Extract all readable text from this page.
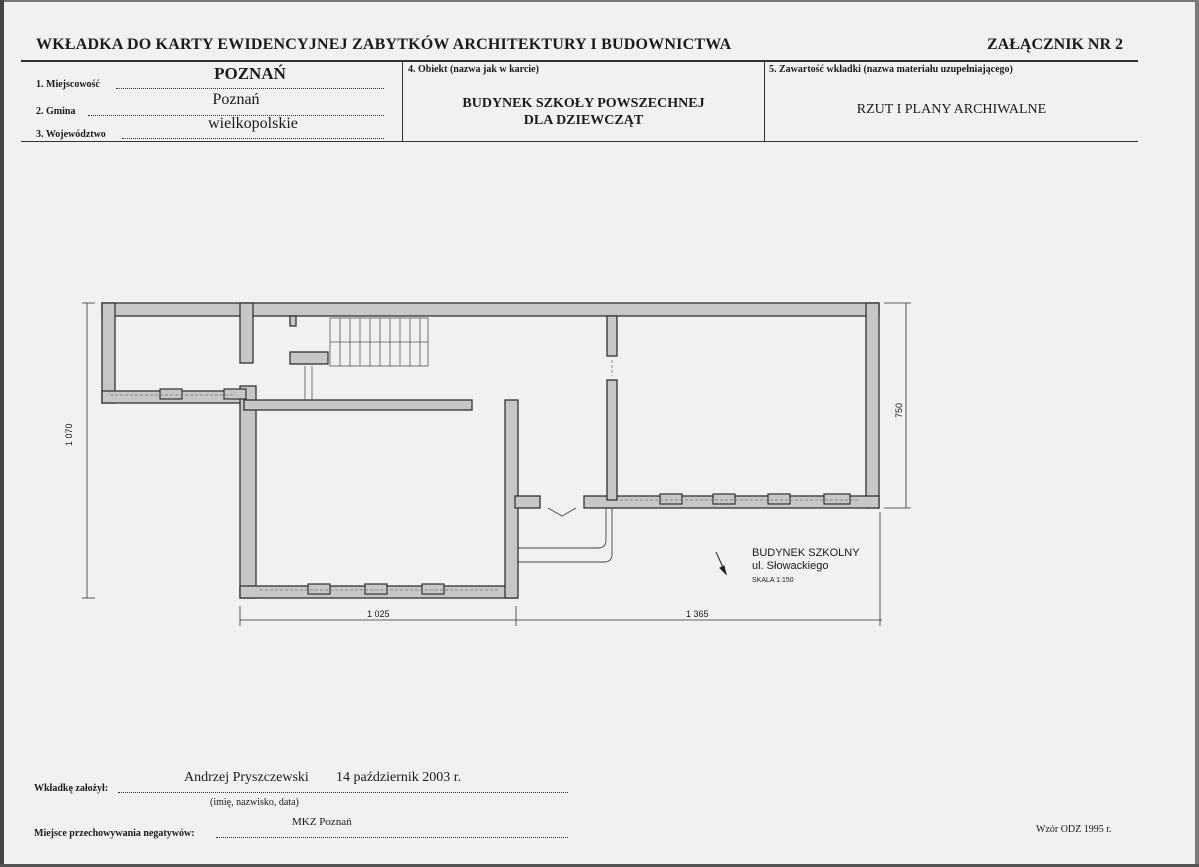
WKŁADKA DO KARTY EWIDENCYJNEJ ZABYTKÓW ARCHITEKTURY I BUDOWNICTWA	ZAŁĄCZNIK NR 2
1. Miejscowość
POZNAŃ
2. Gmina
Poznań
3. Województwo
wielkopolskie
4. Obiekt (nazwa jak w karcie)
BUDYNEK SZKOŁY POWSZECHNEJ
DLA DZIEWCZĄT
5. Zawartość wkładki (nazwa materiału uzupełniającego)
RZUT I PLANY ARCHIWALNE
BUDYNEK SZKOLNY
ul. Słowackiego
SKALA 1:150
1 070
750
1 025	1 365
Wkładkę założył:
Andrzej Pryszczewski 14 październik 2003 r.
(imię, nazwisko, data)
Miejsce przechowywania negatywów:
MKZ Poznań
Wzór ODZ 1995 r.
